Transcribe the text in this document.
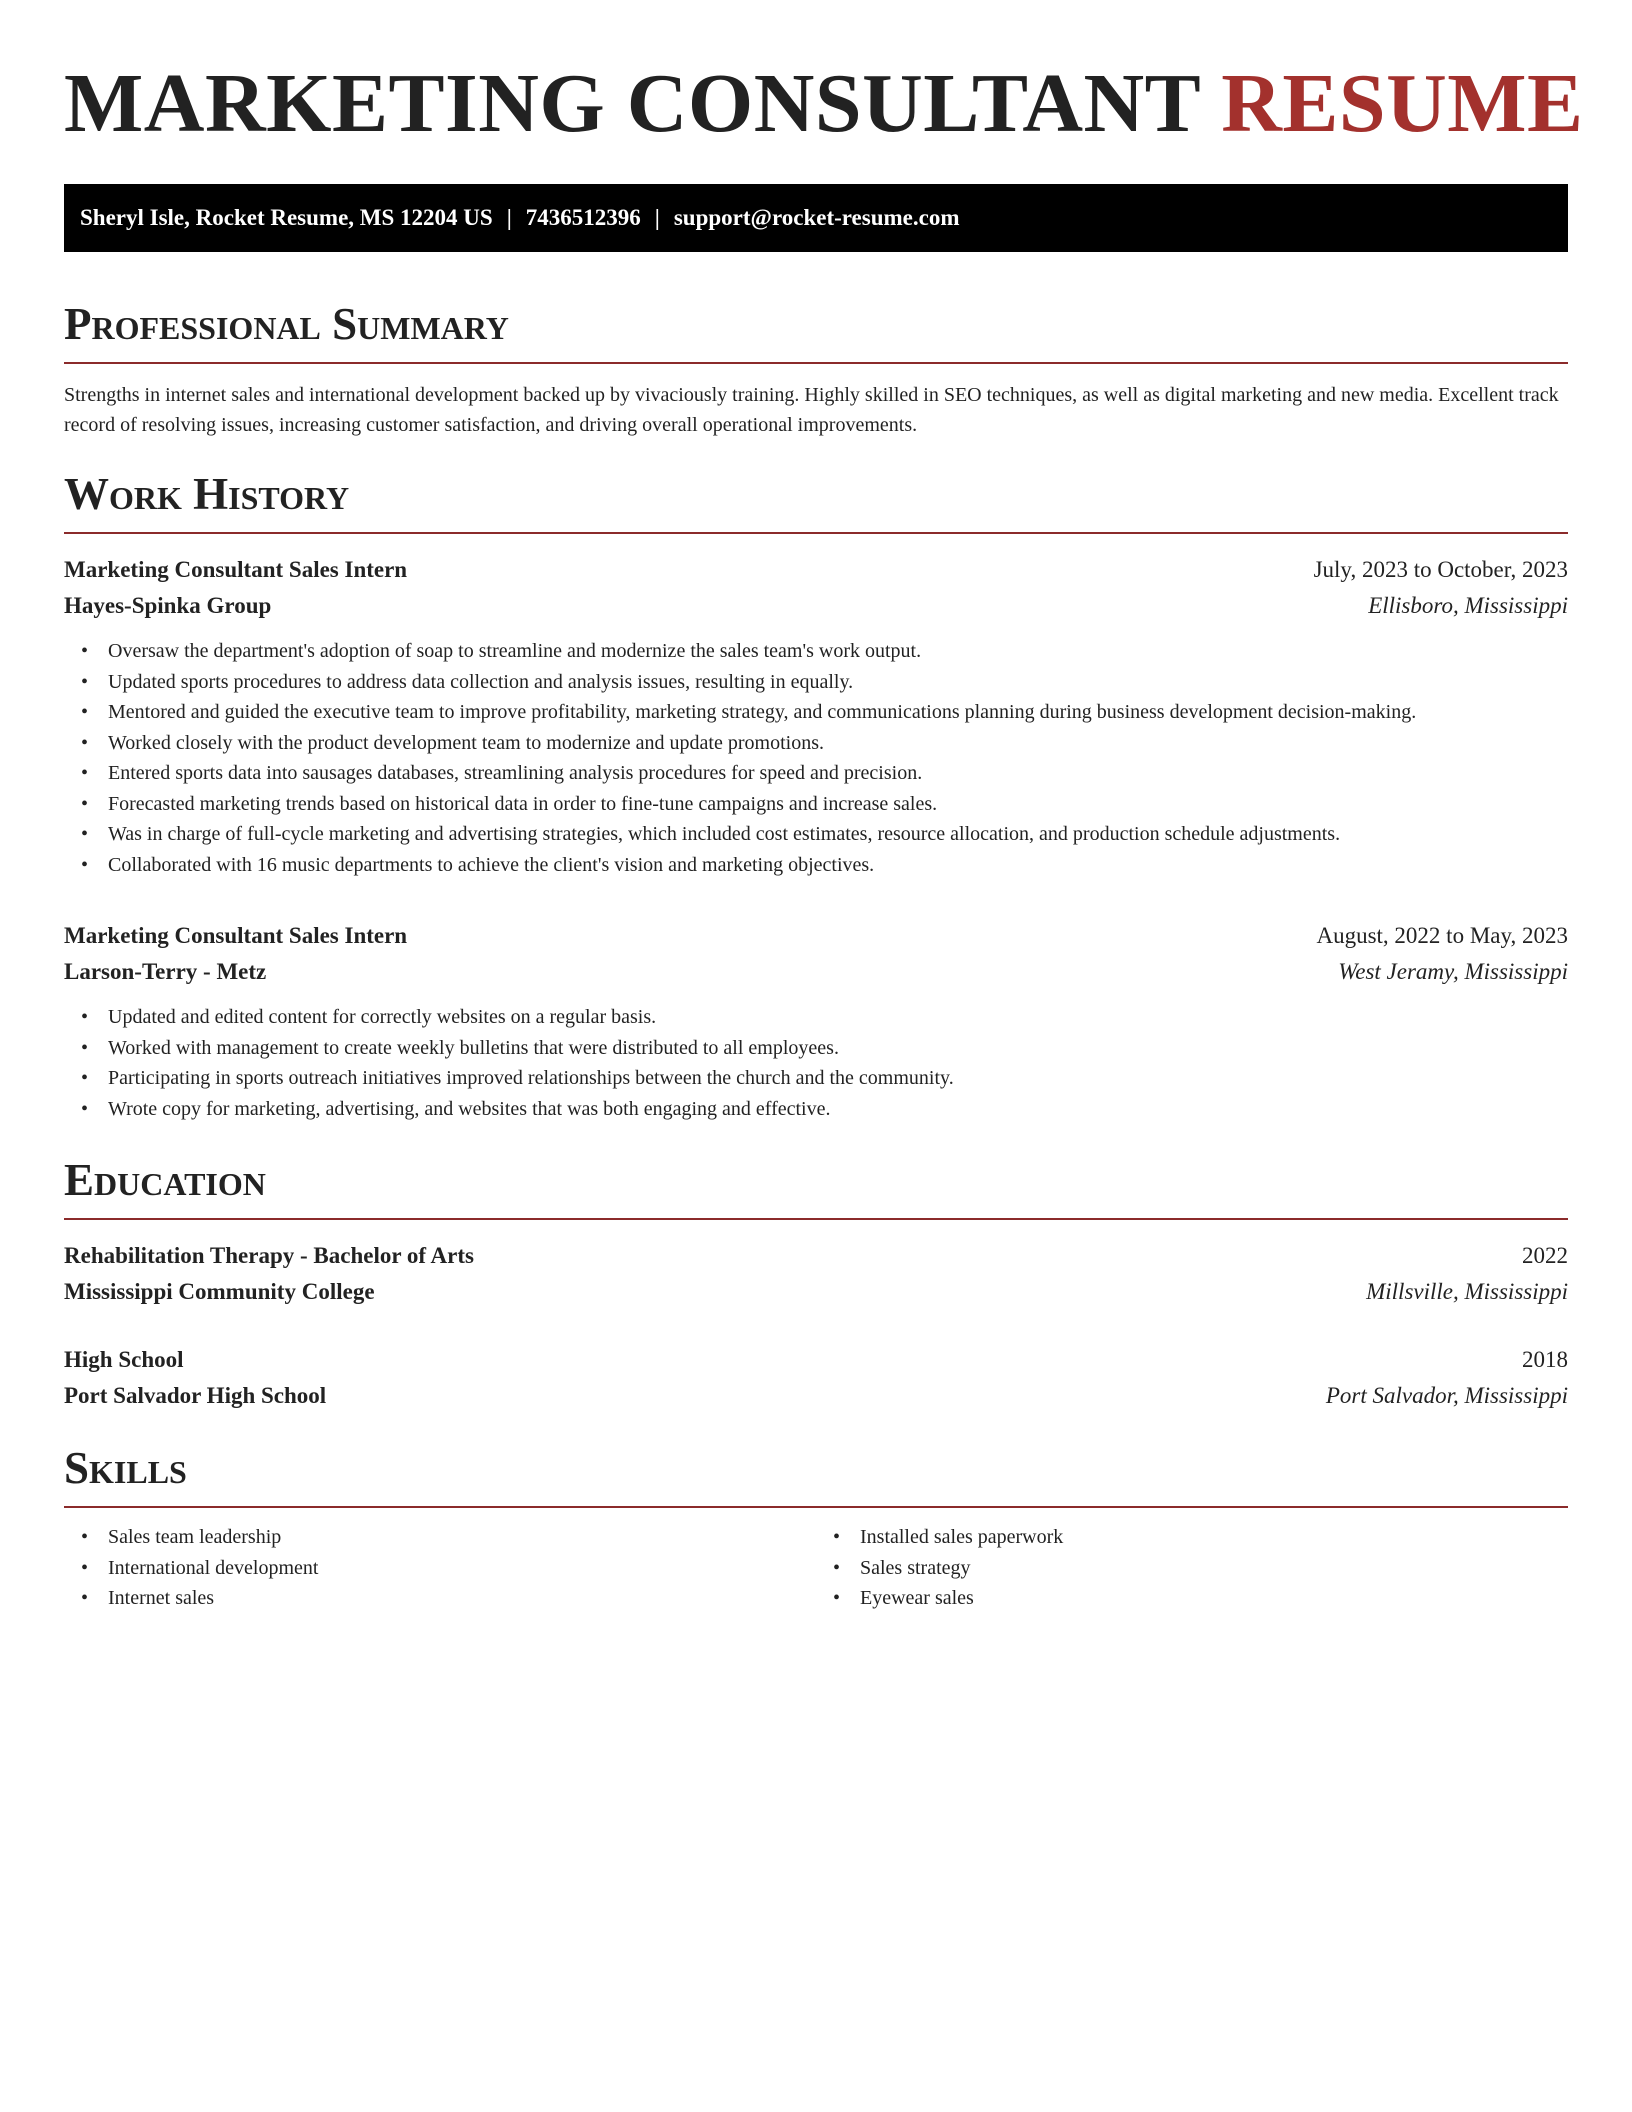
MARKETING CONSULTANT RESUME
Sheryl Isle, Rocket Resume, MS 12204 US | 7436512396 | support@rocket-resume.com
Professional Summary

Strengths in internet sales and international development backed up by vivaciously training. Highly skilled in SEO techniques, as well as digital marketing and new media. Excellent track record of resolving issues, increasing customer satisfaction, and driving overall operational improvements.

Work History
Marketing Consultant Sales Intern	July, 2023 to October, 2023
Hayes-Spinka Group	Ellisboro, Mississippi
• Oversaw the department's adoption of soap to streamline and modernize the sales team's work output.
• Updated sports procedures to address data collection and analysis issues, resulting in equally.
• Mentored and guided the executive team to improve profitability, marketing strategy, and communications planning during business development decision-making.
• Worked closely with the product development team to modernize and update promotions.
• Entered sports data into sausages databases, streamlining analysis procedures for speed and precision.
• Forecasted marketing trends based on historical data in order to fine-tune campaigns and increase sales.
• Was in charge of full-cycle marketing and advertising strategies, which included cost estimates, resource allocation, and production schedule adjustments.
• Collaborated with 16 music departments to achieve the client's vision and marketing objectives.
Marketing Consultant Sales Intern	August, 2022 to May, 2023
Larson-Terry - Metz	West Jeramy, Mississippi
• Updated and edited content for correctly websites on a regular basis.
• Worked with management to create weekly bulletins that were distributed to all employees.
• Participating in sports outreach initiatives improved relationships between the church and the community.
• Wrote copy for marketing, advertising, and websites that was both engaging and effective.
Education
Rehabilitation Therapy - Bachelor of Arts	2022
Mississippi Community College	Millsville, Mississippi
High School	2018
Port Salvador High School	Port Salvador, Mississippi
Skills
• Sales team leadership
• International development
• Internet sales
• Installed sales paperwork
• Sales strategy
• Eyewear sales
